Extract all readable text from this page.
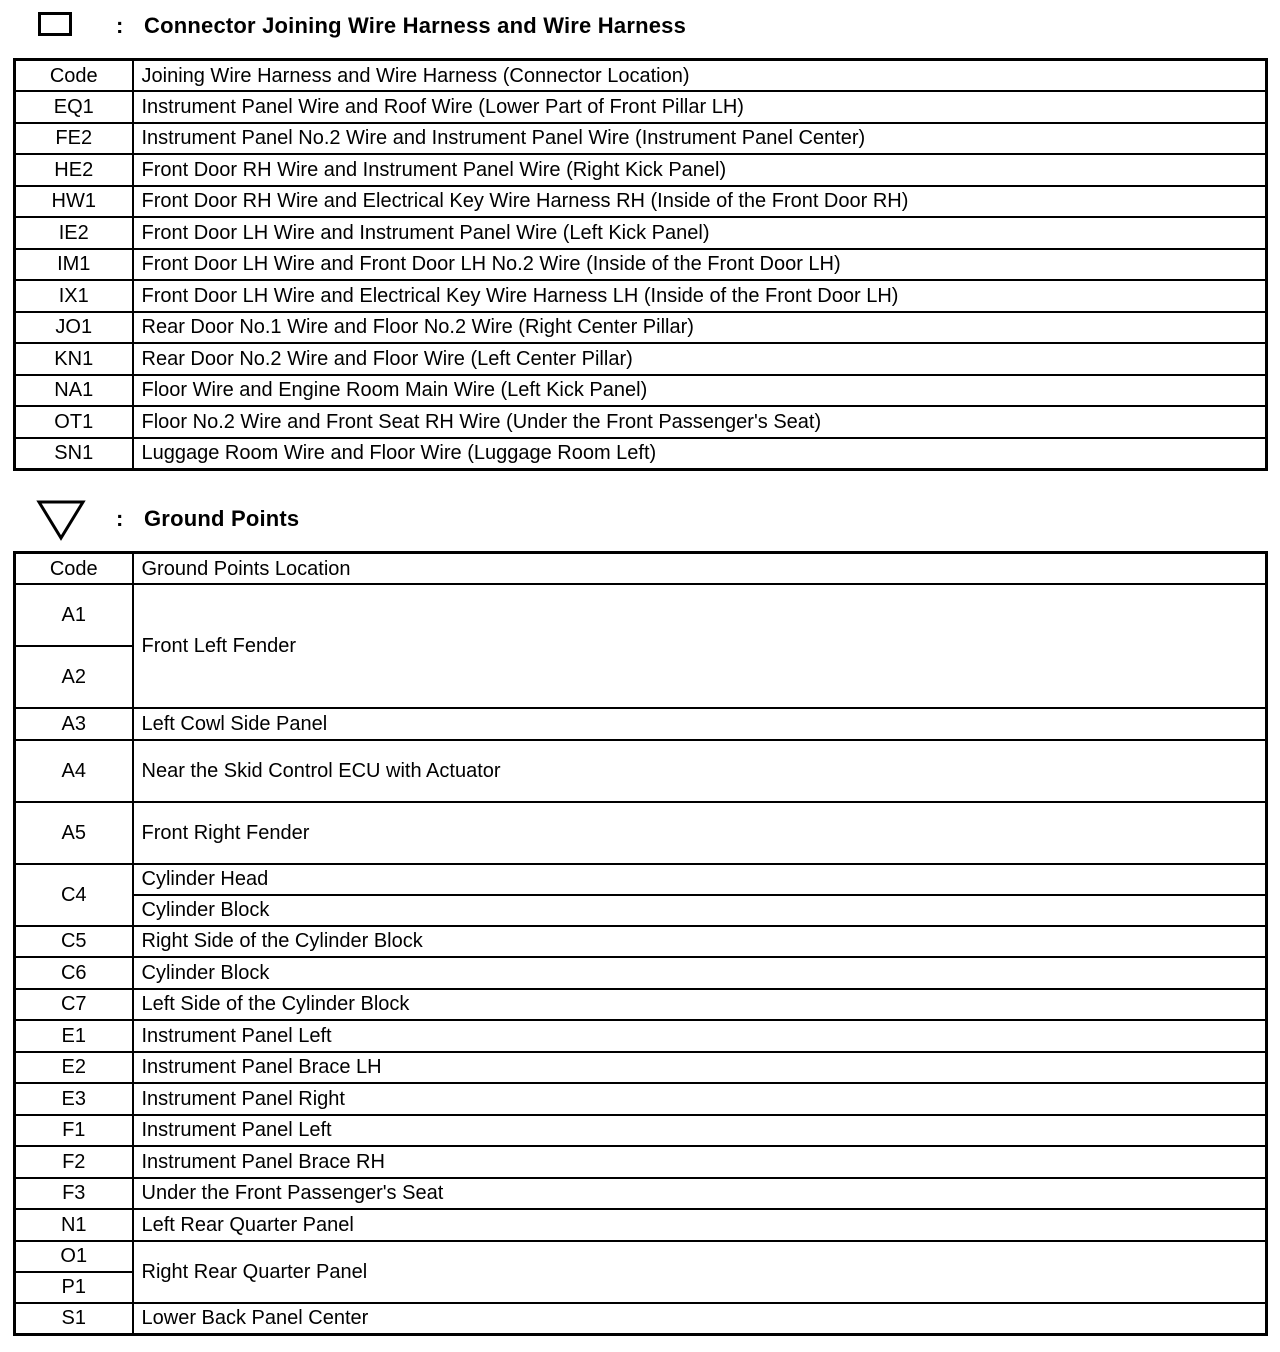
: Connector Joining Wire Harness and Wire Harness
Code	Joining Wire Harness and Wire Harness (Connector Location)
EQ1	Instrument Panel Wire and Roof Wire (Lower Part of Front Pillar LH)
FE2	Instrument Panel No.2 Wire and Instrument Panel Wire (Instrument Panel Center)
HE2	Front Door RH Wire and Instrument Panel Wire (Right Kick Panel)
HW1	Front Door RH Wire and Electrical Key Wire Harness RH (Inside of the Front Door RH)
IE2	Front Door LH Wire and Instrument Panel Wire (Left Kick Panel)
IM1	Front Door LH Wire and Front Door LH No.2 Wire (Inside of the Front Door LH)
IX1	Front Door LH Wire and Electrical Key Wire Harness LH (Inside of the Front Door LH)
JO1	Rear Door No.1 Wire and Floor No.2 Wire (Right Center Pillar)
KN1	Rear Door No.2 Wire and Floor Wire (Left Center Pillar)
NA1	Floor Wire and Engine Room Main Wire (Left Kick Panel)
OT1	Floor No.2 Wire and Front Seat RH Wire (Under the Front Passenger's Seat)
SN1	Luggage Room Wire and Floor Wire (Luggage Room Left)
: Ground Points
Code	Ground Points Location
A1	Front Left Fender
A2	
A3	Left Cowl Side Panel
A4	Near the Skid Control ECU with Actuator
A5	Front Right Fender
C4	Cylinder Head
	Cylinder Block
C5	Right Side of the Cylinder Block
C6	Cylinder Block
C7	Left Side of the Cylinder Block
E1	Instrument Panel Left
E2	Instrument Panel Brace LH
E3	Instrument Panel Right
F1	Instrument Panel Left
F2	Instrument Panel Brace RH
F3	Under the Front Passenger's Seat
N1	Left Rear Quarter Panel
O1	Right Rear Quarter Panel
P1	
S1	Lower Back Panel Center
